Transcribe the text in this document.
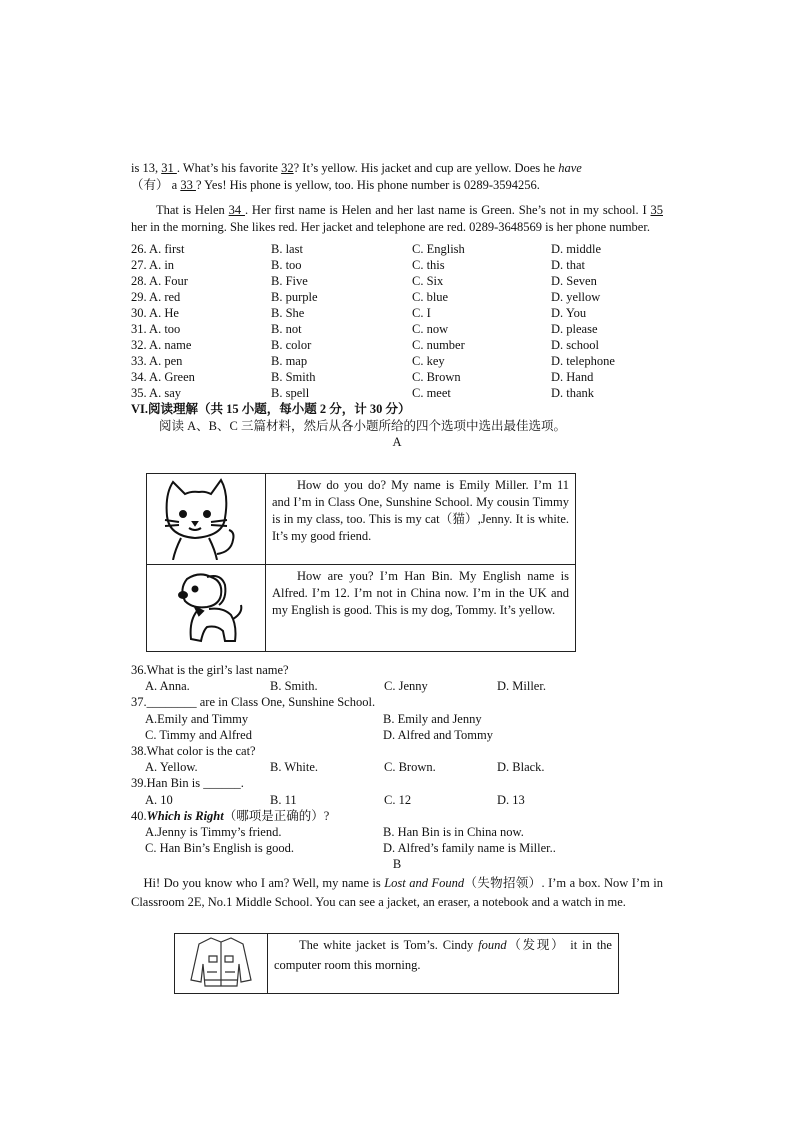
is 13, 31 . What’s his favorite 32? It’s yellow. His jacket and cup are yellow. Does he have
（有） a 33 ? Yes! His phone is yellow, too. His phone number is 0289-3594256.
That is Helen 34 . Her first name is Helen and her last name is Green. She’s not in my school. I 35 her in the morning. She likes red. Her jacket and telephone are red. 0289-3648569 is her phone number.
26. A. first	B. last	C. English	D. middle
27. A. in	B. too	C. this	D. that
28. A. Four	B. Five	C. Six	D. Seven
29. A. red	B. purple	C. blue	D. yellow
30. A. He	B. She	C. I	D. You
31. A. too	B. not	C. now	D. please
32. A. name	B. color	C. number	D. school
33. A. pen	B. map	C. key	D. telephone
34. A. Green	B. Smith	C. Brown	D. Hand
35. A. say	B. spell	C. meet	D. thank
VI.阅读理解（共 15 小题，每小题 2 分，计 30 分）
阅读 A、B、C 三篇材料，然后从各小题所给的四个选项中选出最佳选项。
A

How do you do? My name is Emily Miller. I’m 11 and I’m in Class One, Sunshine School. My cousin Timmy is in my class, too. This is my cat（猫）,Jenny. It is white. It’s my good friend.

How are you? I’m Han Bin. My English name is Alfred. I’m 12. I’m not in China now. I’m in the UK and my English is good. This is my dog, Tommy. It’s yellow.
36.What is the girl’s last name?
A. Anna.	B. Smith.	C. Jenny	D. Miller.
37.________ are in Class One, Sunshine School.
A.Emily and Timmy	B. Emily and Jenny
C. Timmy and Alfred	D. Alfred and Tommy
38.What color is the cat?
A. Yellow.	B. White.	C. Brown.	D. Black.
39.Han Bin is ______.
A. 10	B. 11	C. 12	D. 13
40.Which is Right（哪项是正确的）?
A.Jenny is Timmy’s friend.	B. Han Bin is in China now.
C. Han Bin’s English is good.	D. Alfred’s family name is Miller..
B
Hi! Do you know who I am? Well, my name is Lost and Found（失物招领）. I’m a box. Now I’m in Classroom 2E, No.1 Middle School. You can see a jacket, an eraser, a notebook and a watch in me.

The white jacket is Tom’s. Cindy found（发现） it in the computer room this morning.
